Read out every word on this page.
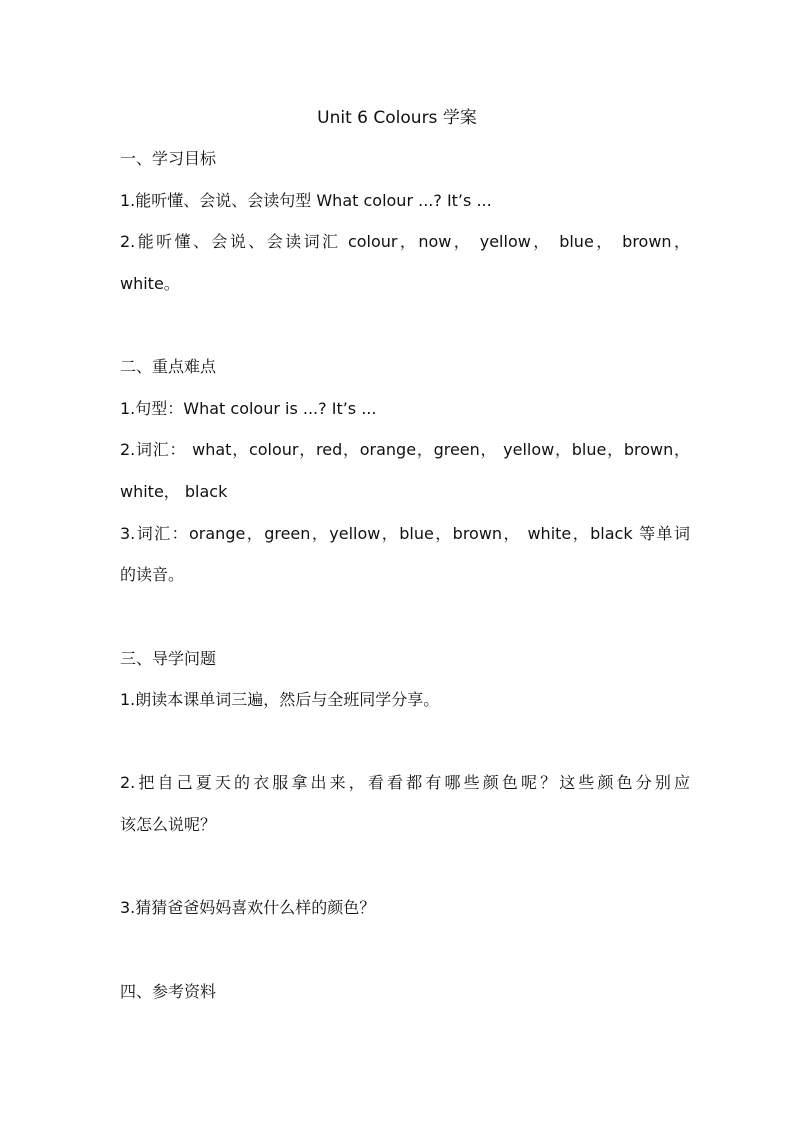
Unit 6 Colours 学案

一、学习目标

1.能听懂、会说、会读句型 What colour ...? It’s ...

2.能听懂、会说、会读词汇 colour，now， yellow， blue， brown，

white。

二、重点难点

1.句型：What colour is ...? It’s ...

2.词汇： what，colour，red，orange，green， yellow，blue，brown，

white， black

3.词汇：orange，green，yellow，blue，brown， white，black 等单词

的读音。

三、导学问题

1.朗读本课单词三遍，然后与全班同学分享。

2.把自己夏天的衣服拿出来，看看都有哪些颜色呢？这些颜色分别应

该怎么说呢？

3.猜猜爸爸妈妈喜欢什么样的颜色？

四、参考资料
